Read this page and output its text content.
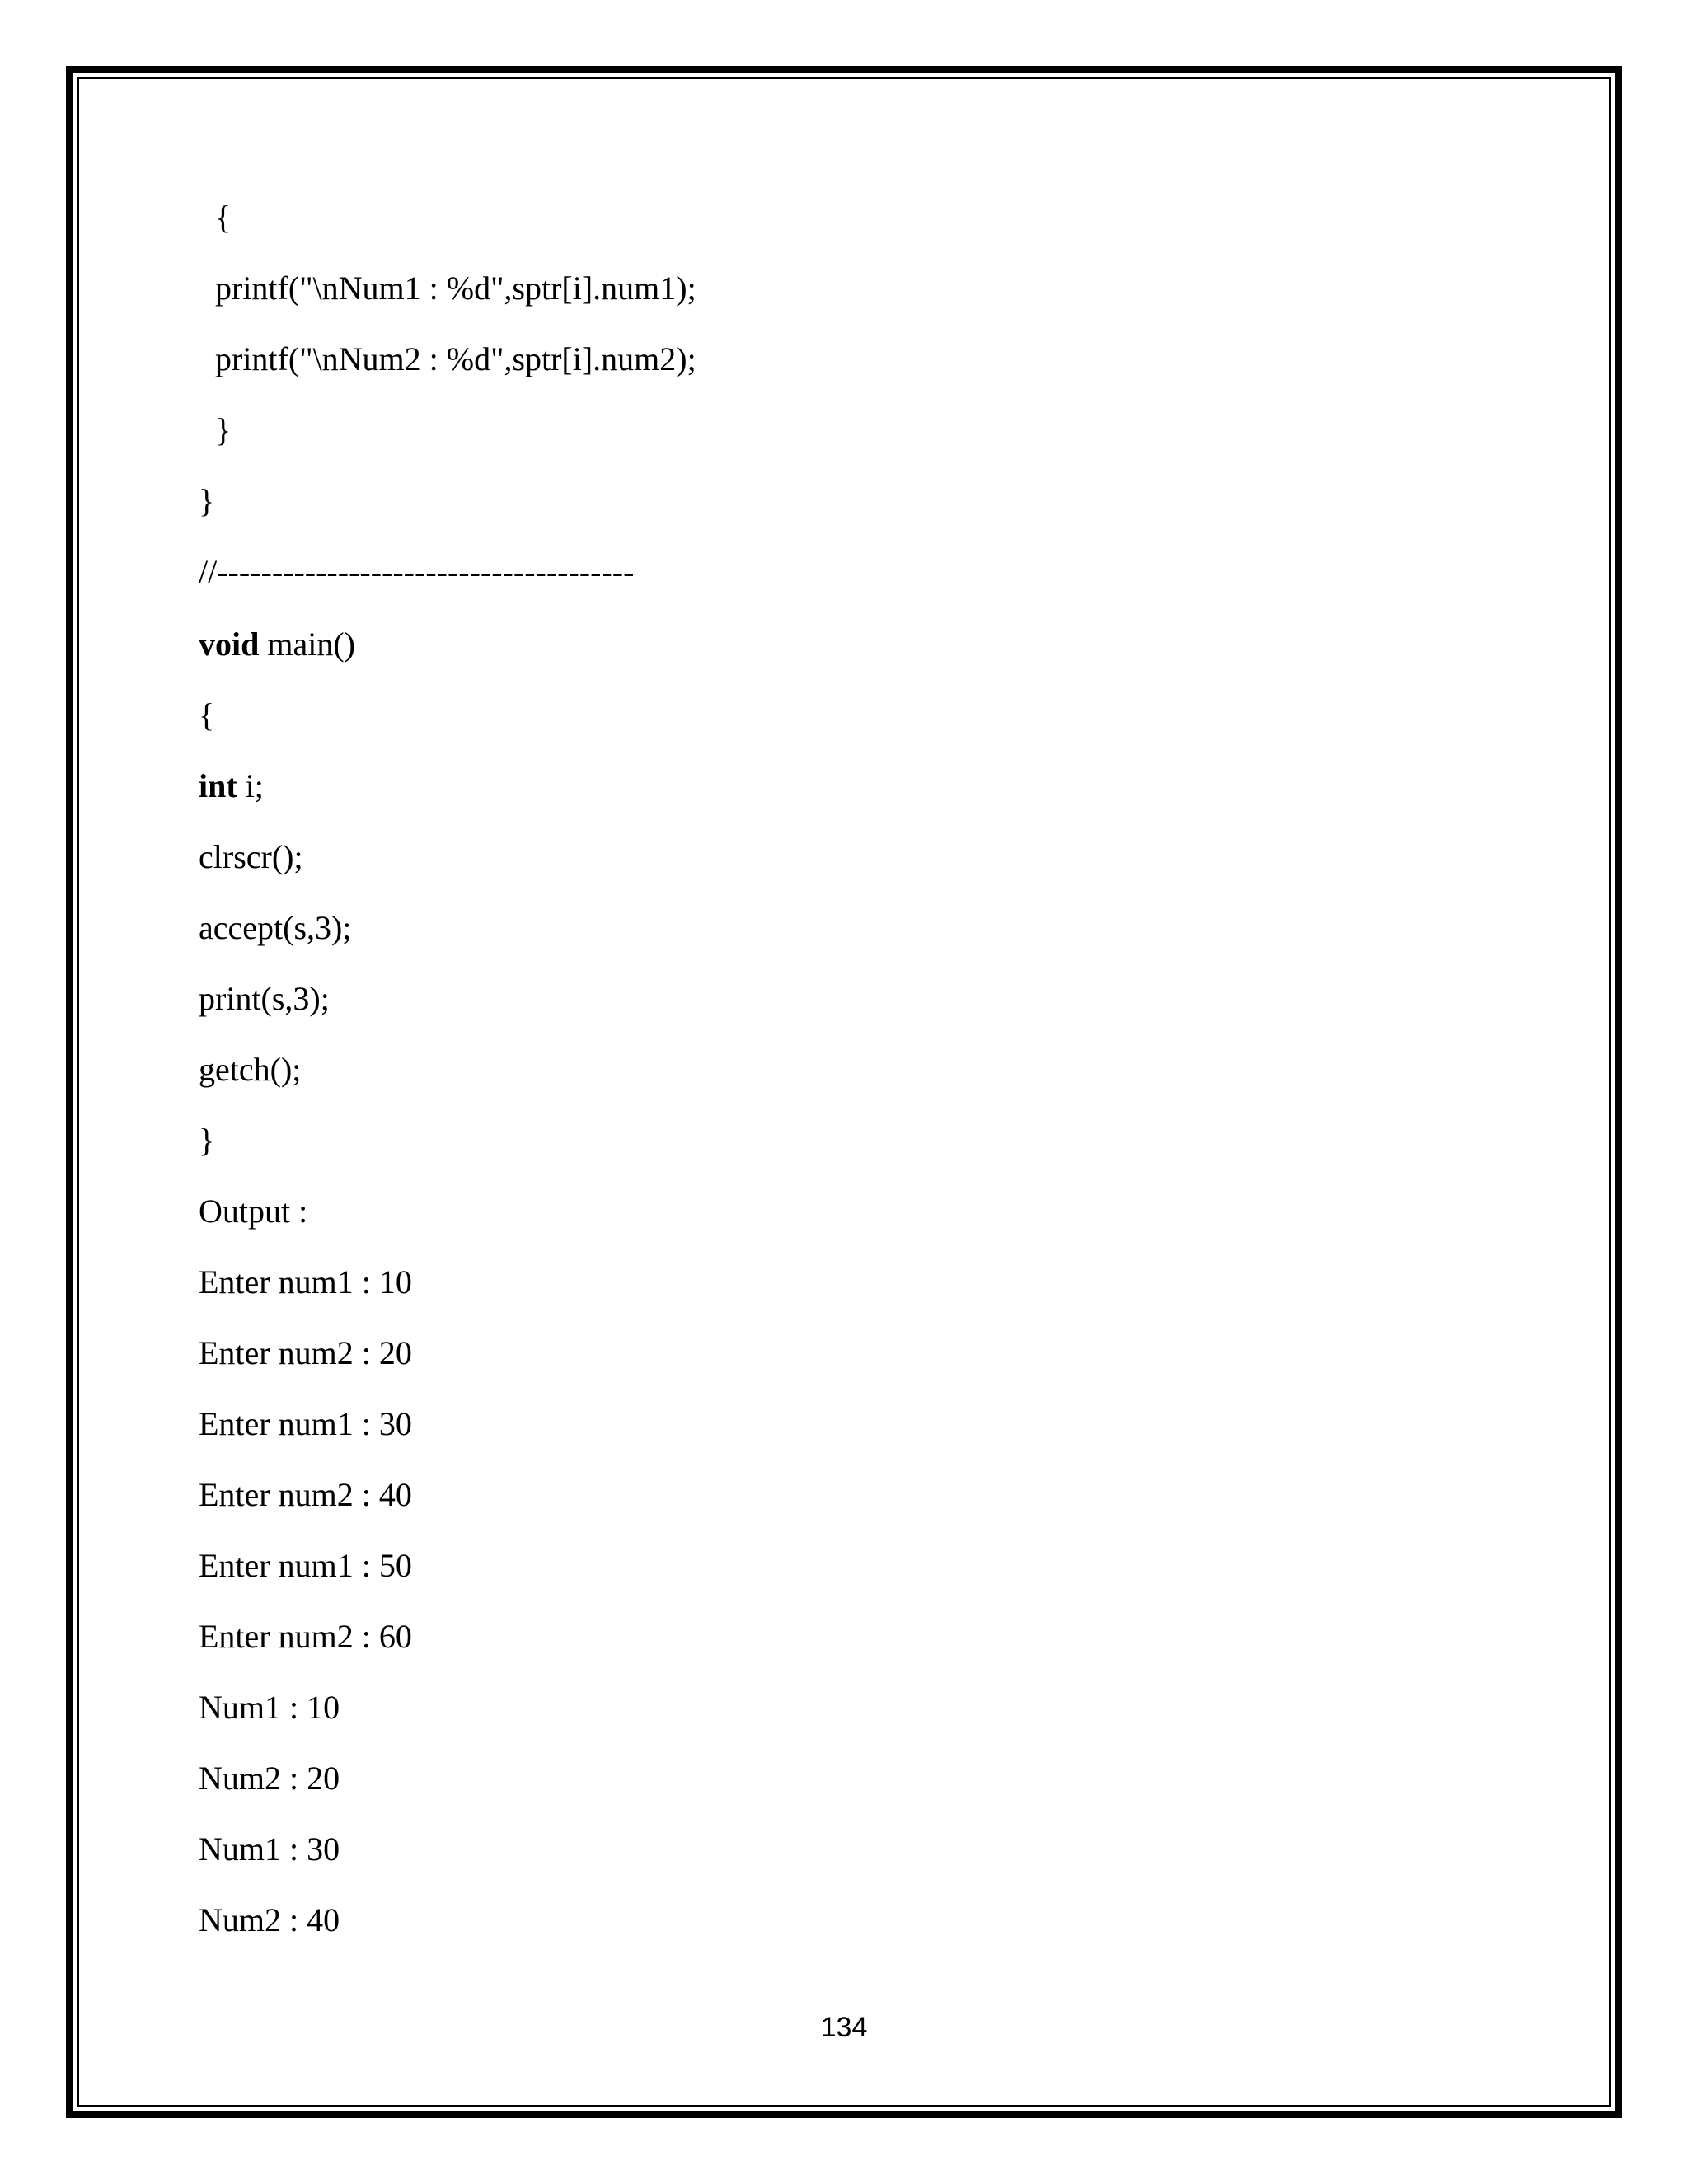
{
printf("\nNum1 : %d",sptr[i].num1);
printf("\nNum2 : %d",sptr[i].num2);
}
}
//--------------------------------------
void main()
{
int i;
clrscr();
accept(s,3);
print(s,3);
getch();
}
Output :
Enter num1 : 10
Enter num2 : 20
Enter num1 : 30
Enter num2 : 40
Enter num1 : 50
Enter num2 : 60
Num1 : 10
Num2 : 20
Num1 : 30
Num2 : 40
134
